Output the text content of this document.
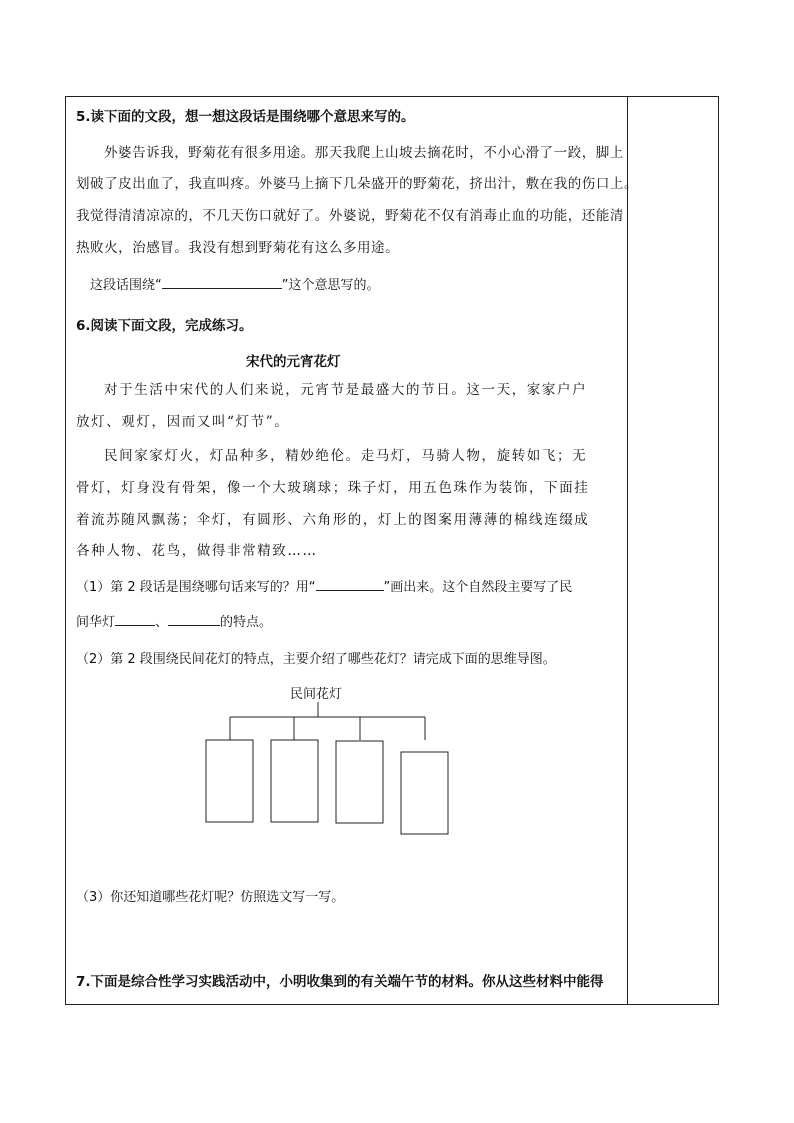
5.读下面的文段，想一想这段话是围绕哪个意思来写的。
外婆告诉我，野菊花有很多用途。那天我爬上山坡去摘花时，不小心滑了一跤，脚上
划破了皮出血了，我直叫疼。外婆马上摘下几朵盛开的野菊花，挤出汁，敷在我的伤口上。
我觉得清清凉凉的，不几天伤口就好了。外婆说，野菊花不仅有消毒止血的功能，还能清
热败火，治感冒。我没有想到野菊花有这么多用途。
这段话围绕“	”这个意思写的。
6.阅读下面文段，完成练习。
宋代的元宵花灯
对于生活中宋代的人们来说，元宵节是最盛大的节日。这一天，家家户户
放灯、观灯，因而又叫“灯节”。
民间家家灯火，灯品种多，精妙绝伦。走马灯，马骑人物，旋转如飞；无
骨灯，灯身没有骨架，像一个大玻璃球；珠子灯，用五色珠作为装饰，下面挂
着流苏随风飘荡；伞灯，有圆形、六角形的，灯上的图案用薄薄的棉线连缀成
各种人物、花鸟，做得非常精致……
（1）第 2 段话是围绕哪句话来写的？用“	”画出来。这个自然段主要写了民
间华灯	、	的特点。
（2）第 2 段围绕民间花灯的特点，主要介绍了哪些花灯？请完成下面的思维导图。
民间花灯
（3）你还知道哪些花灯呢？仿照选文写一写。
7.下面是综合性学习实践活动中，小明收集到的有关端午节的材料。你从这些材料中能得
